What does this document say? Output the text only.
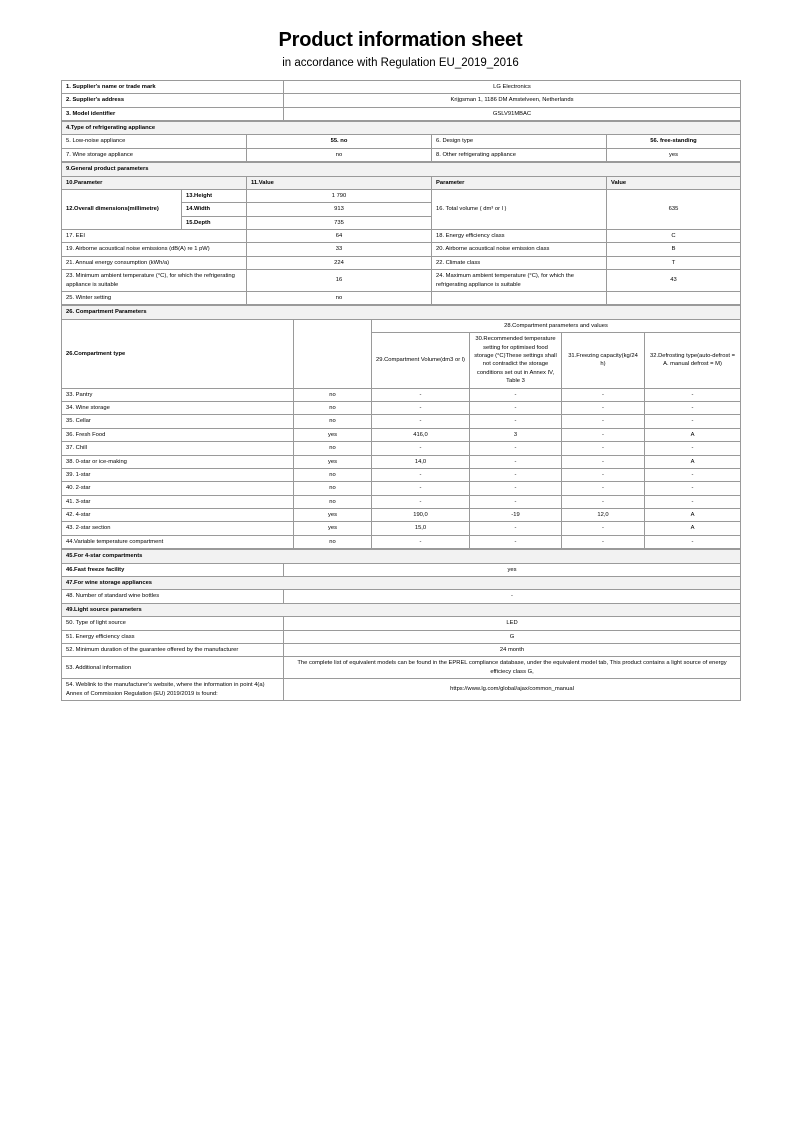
Product information sheet
in accordance with Regulation EU_2019_2016
1. Supplier's name or trade mark	LG Electronics
2. Supplier's address	Krijgsman 1, 1186 DM Amstelveen, Netherlands
3. Model identifier	GSLV91MBAC
4.Type of refrigerating appliance			
5. Low-noise appliance	55. no	6. Design type	56. free-standing
7. Wine storage appliance	no	8. Other refrigerating appliance	yes
9.General product parameters				
10.Parameter		11.Value	Parameter	Value
12.Overall dimensions(millimetre)	13.Height	1 790	16. Total volume ( dm³ or l )	635
	14.Width	913		
	15.Depth	735		
17. EEI		64	18. Energy efficiency class	C
19. Airborne acoustical noise emissions (dB(A) re 1 pW)		33	20. Airborne acoustical noise emission class	B
21. Annual energy consumption (kWh/a)		224	22. Climate class	T
23. Minimum ambient temperature (°C), for which the refrigerating appliance is suitable		16	24. Maximum ambient temperature (°C), for which the refrigerating appliance is suitable	43
25. Winter setting		no		
26. Compartment Parameters					
26.Compartment type		28.Compartment parameters and values			
		29.Compartment Volume(dm3 or l)	30.Recommended temperature setting for optimised food storage (°C)These settings shall not contradict the storage conditions set out in Annex IV, Table 3	31.Freezing capacity(kg/24 h)	32.Defrosting type(auto-defrost = A. manual defrost = M)
33. Pantry	no	-	-	-	-
34. Wine storage	no	-	-	-	-
35. Cellar	no	-	-	-	-
36. Fresh Food	yes	416,0	3	-	A
37. Chill	no	-	-	-	-
38. 0-star or ice-making	yes	14,0	-	-	A
39. 1-star	no	-	-	-	-
40. 2-star	no	-	-	-	-
41. 3-star	no	-	-	-	-
42. 4-star	yes	190,0	-19	12,0	A
43. 2-star section	yes	15,0	-	-	A
44.Variable temperature compartment	no	-	-	-	-
45.For 4-star compartments	
46.Fast freeze facility	yes
47.For wine storage appliances	
48. Number of standard wine bottles	-
49.Light source parameters	
50. Type of light source	LED
51. Energy efficiency class	G
52. Minimum duration of the guarantee offered by the manufacturer	24 month
53. Additional information	The complete list of equivalent models can be found in the EPREL compliance database, under the equivalent model tab, This product contains a light source of energy efficiecy class G,
54. Weblink to the manufacturer's website, where the information in point 4(a) Annex of Commission Regulation (EU) 2019/2019 is found:	https://www.lg.com/global/ajax/common_manual
